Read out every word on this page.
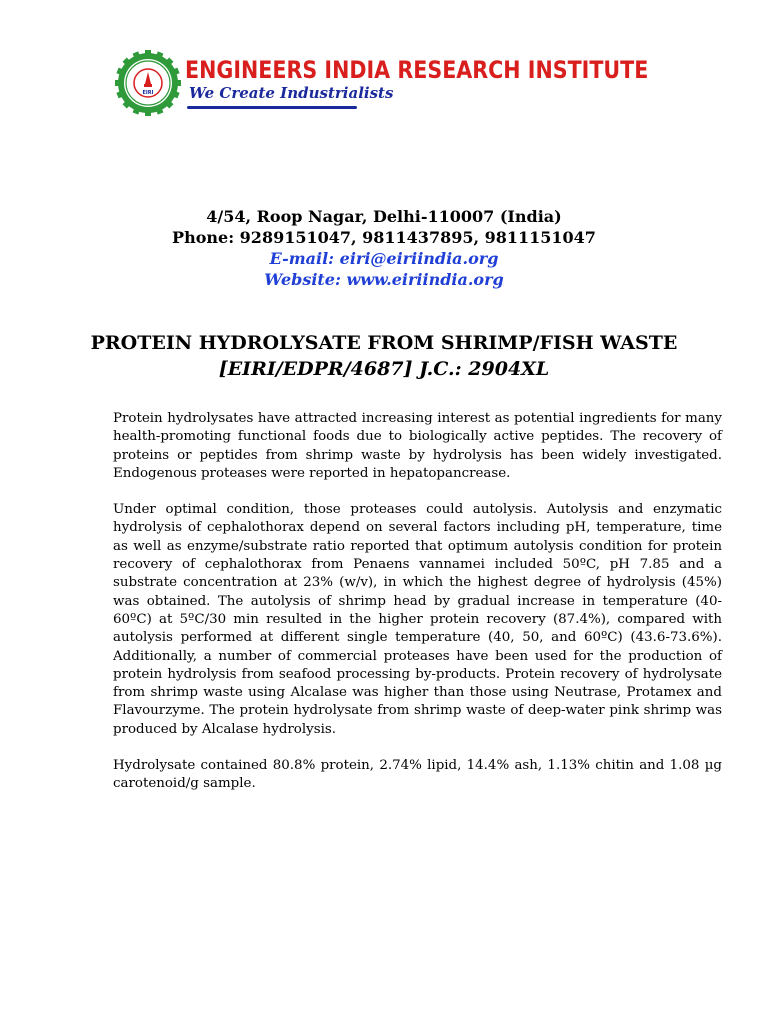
EIRI
ENGINEERS INDIA RESEARCH INSTITUTE
We Create Industrialists
4/54, Roop Nagar, Delhi-110007 (India)
Phone: 9289151047, 9811437895, 9811151047
E-mail: eiri@eiriindia.org
Website: www.eiriindia.org
PROTEIN HYDROLYSATE FROM SHRIMP/FISH WASTE
[EIRI/EDPR/4687] J.C.: 2904XL

Protein hydrolysates have attracted increasing interest as potential ingredients for many health-promoting functional foods due to biologically active peptides. The recovery of proteins or peptides from shrimp waste by hydrolysis has been widely investigated. Endogenous proteases were reported in hepatopancrease.

Under optimal condition, those proteases could autolysis. Autolysis and enzymatic hydrolysis of cephalothorax depend on several factors including pH, temperature, time as well as enzyme/substrate ratio reported that optimum autolysis condition for protein recovery of cephalothorax from Penaens vannamei included 50ºC, pH 7.85 and a substrate concentration at 23% (w/v), in which the highest degree of hydrolysis (45%) was obtained. The autolysis of shrimp head by gradual increase in temperature (40-60ºC) at 5ºC/30 min resulted in the higher protein recovery (87.4%), compared with autolysis performed at different single temperature (40, 50, and 60ºC) (43.6-73.6%). Additionally, a number of commercial proteases have been used for the production of protein hydrolysis from seafood processing by-products. Protein recovery of hydrolysate from shrimp waste using Alcalase was higher than those using Neutrase, Protamex and Flavourzyme. The protein hydrolysate from shrimp waste of deep-water pink shrimp was produced by Alcalase hydrolysis.

Hydrolysate contained 80.8% protein, 2.74% lipid, 14.4% ash, 1.13% chitin and 1.08 µg carotenoid/g sample.
